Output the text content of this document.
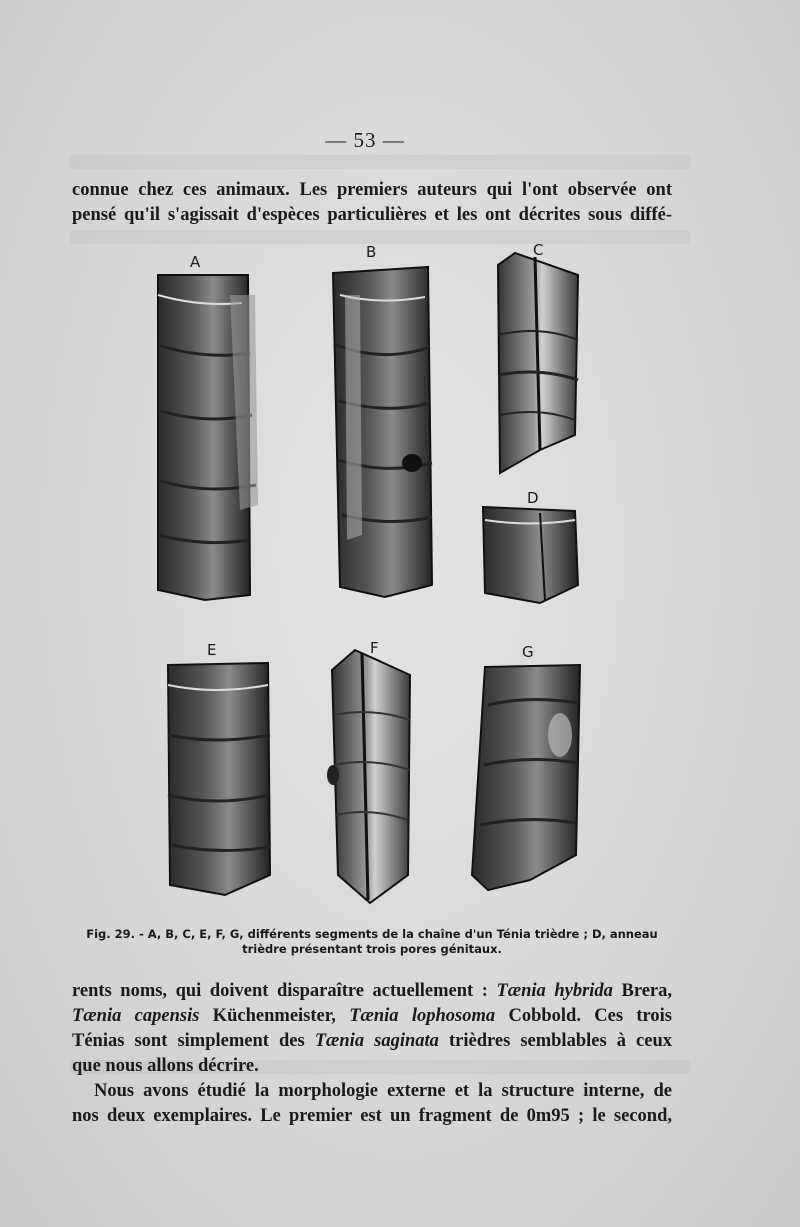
— 53 —
connue chez ces animaux. Les premiers auteurs qui l'ont observée ont
pensé qu'il s'agissait d'espèces particulières et les ont décrites sous diffé-
A
B	C
D
E	F	G
Fig. 29. - A, B, C, E, F, G, différents segments de la chaîne d'un Ténia trièdre ; D, anneau
trièdre présentant trois pores génitaux.
rents noms, qui doivent disparaître actuellement : Tænia hybrida Brera,
Tænia capensis Küchenmeister, Tænia lophosoma Cobbold. Ces trois
Ténias sont simplement des Tænia saginata trièdres semblables à ceux
que nous allons décrire.
Nous avons étudié la morphologie externe et la structure interne, de
nos deux exemplaires. Le premier est un fragment de 0m95 ; le second,
